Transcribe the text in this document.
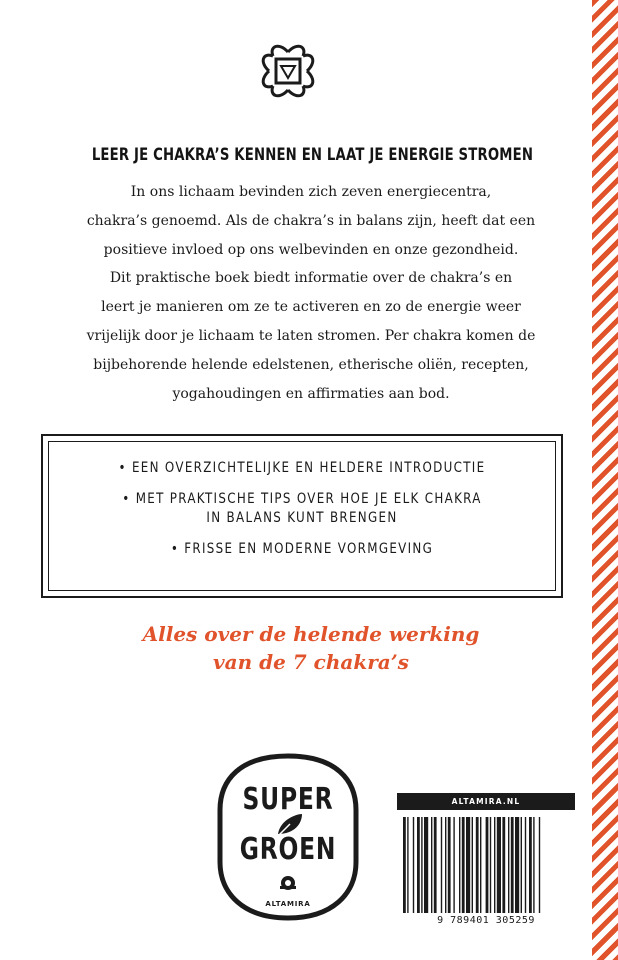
LEER JE CHAKRA’S KENNEN EN LAAT JE ENERGIE STROMEN
In ons lichaam bevinden zich zeven energiecentra,
chakra’s genoemd. Als de chakra’s in balans zijn, heeft dat een
positieve invloed op ons welbevinden en onze gezondheid.
Dit praktische boek biedt informatie over de chakra’s en
leert je manieren om ze te activeren en zo de energie weer
vrijelijk door je lichaam te laten stromen. Per chakra komen de
bijbehorende helende edelstenen, etherische oliën, recepten,
yogahoudingen en affirmaties aan bod.
• EEN OVERZICHTELIJKE EN HELDERE INTRODUCTIE
• MET PRAKTISCHE TIPS OVER HOE JE ELK CHAKRA
IN BALANS KUNT BRENGEN
• FRISSE EN MODERNE VORMGEVING
Alles over de helende werking
van de 7 chakra’s
SUPER
GROEN
ALTAMIRA
ALTAMIRA.NL
9 789401 305259
